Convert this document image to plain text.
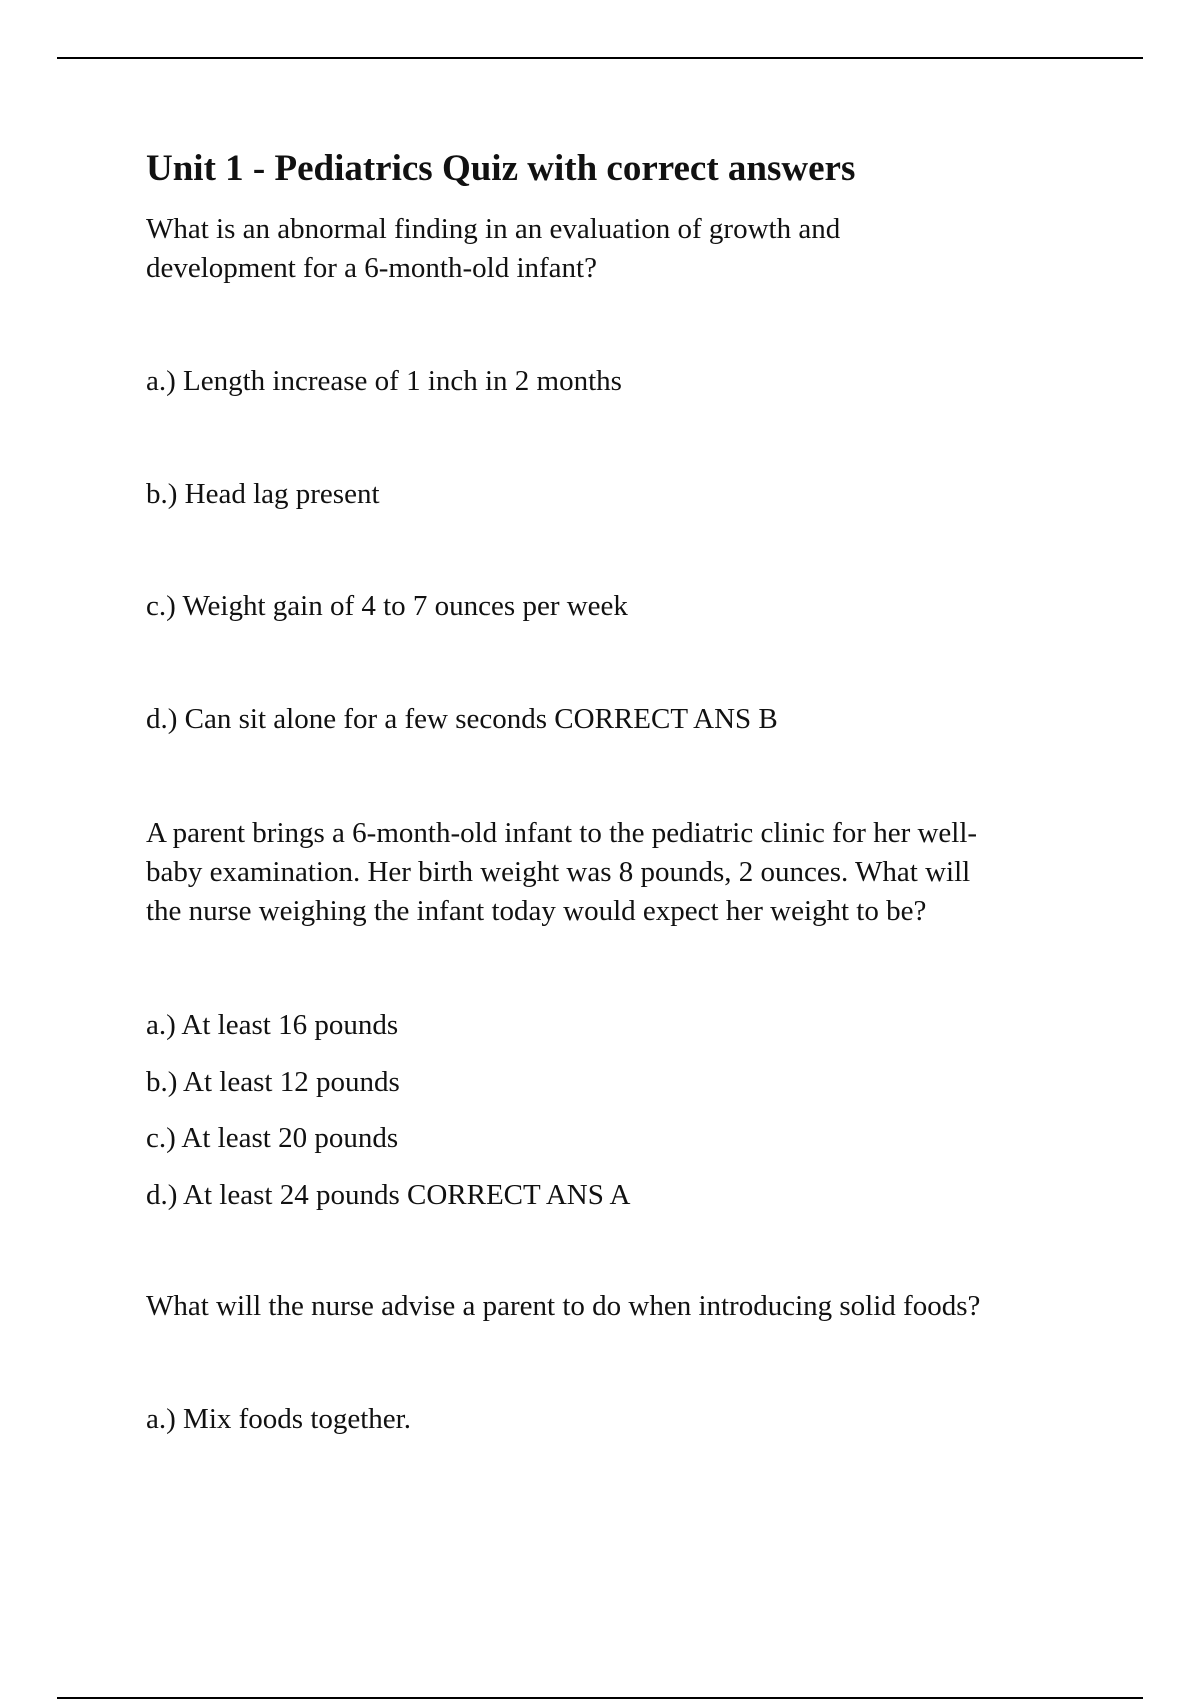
Unit 1 - Pediatrics Quiz with correct answers

What is an abnormal finding in an evaluation of growth and

development for a 6-month-old infant?

a.) Length increase of 1 inch in 2 months

b.) Head lag present

c.) Weight gain of 4 to 7 ounces per week

d.) Can sit alone for a few seconds CORRECT ANS B

A parent brings a 6-month-old infant to the pediatric clinic for her well-

baby examination. Her birth weight was 8 pounds, 2 ounces. What will

the nurse weighing the infant today would expect her weight to be?

a.) At least 16 pounds

b.) At least 12 pounds

c.) At least 20 pounds

d.) At least 24 pounds CORRECT ANS A

What will the nurse advise a parent to do when introducing solid foods?

a.) Mix foods together.
